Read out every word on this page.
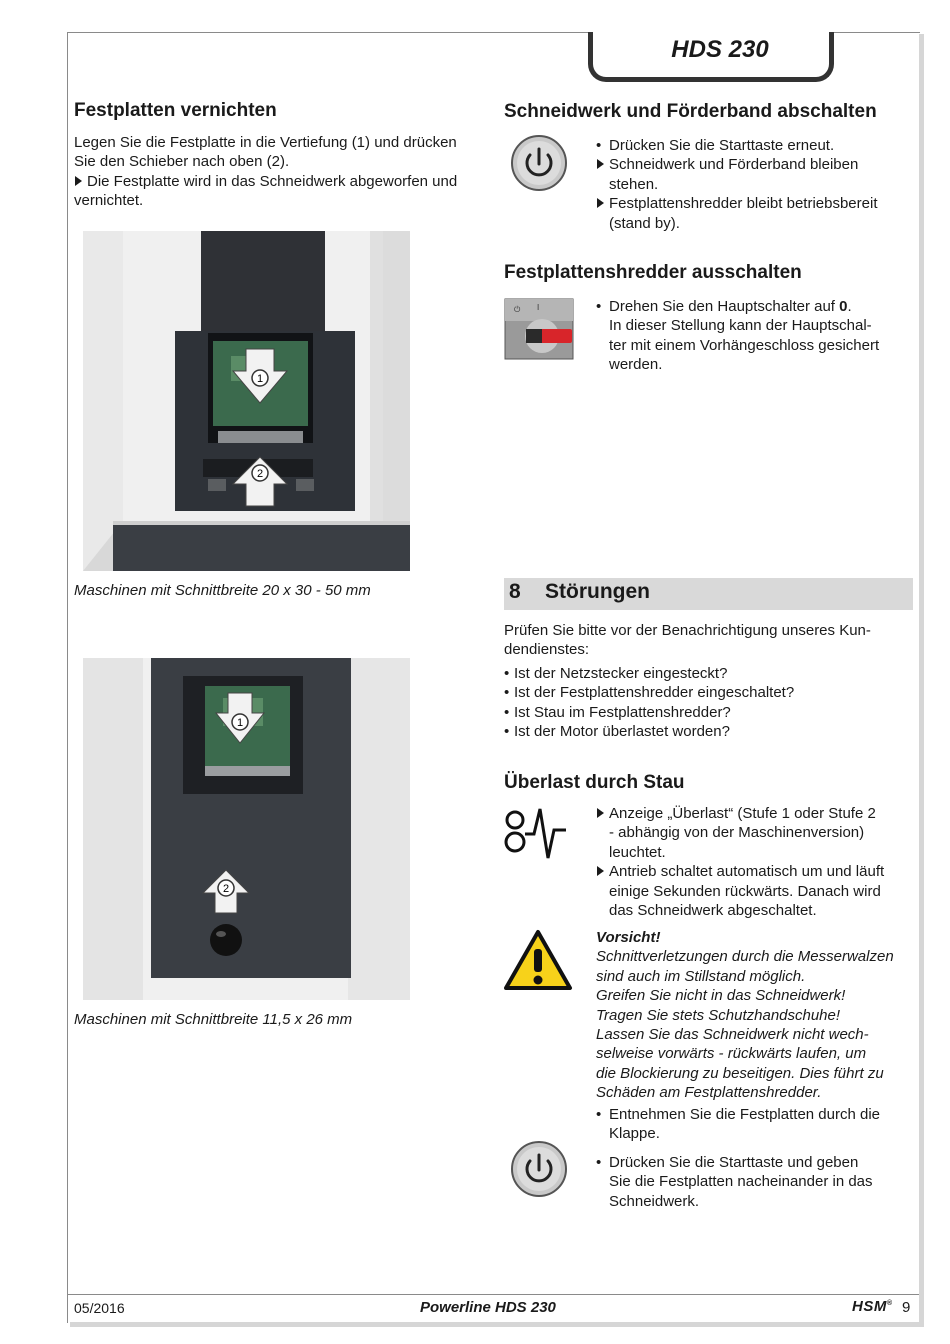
HDS 230
Festplatten vernichten

Legen Sie die Festplatte in die Vertiefung (1) und drücken

Sie den Schieber nach oben (2).

Die Festplatte wird in das Schneidwerk abgeworfen und

vernichtet.

1
2
Maschinen mit Schnittbreite 20 x 30 - 50 mm
1
2
Maschinen mit Schnittbreite 11,5 x 26 mm
Schneidwerk und Förderband abschalten

• Drücken Sie die Starttaste erneut.

Schneidwerk und Förderband bleiben

stehen.

Festplattenshredder bleibt betriebsbereit

(stand by).

Festplattenshredder ausschalten
⏻ I

•	Drehen Sie den Hauptschalter auf 0.

In dieser Stellung kann der Hauptschal-

ter mit einem Vorhängeschloss gesichert

werden.

8 Störungen

Prüfen Sie bitte vor der Benachrichtigung unseres Kun-

dendienstes:

• Ist der Netzstecker eingesteckt?

• Ist der Festplattenshredder eingeschaltet?

• Ist Stau im Festplattenshredder?

• Ist der Motor überlastet worden?

Überlast durch Stau

Anzeige „Überlast“ (Stufe 1 oder Stufe 2

- abhängig von der Maschinenversion)

leuchtet.

Antrieb schaltet automatisch um und läuft

einige Sekunden rückwärts. Danach wird

das Schneidwerk abgeschaltet.

Vorsicht!

Schnittverletzungen durch die Messerwalzen

sind auch im Stillstand möglich.

Greifen Sie nicht in das Schneidwerk!

Tragen Sie stets Schutzhandschuhe!

Lassen Sie das Schneidwerk nicht wech-

selweise vorwärts - rückwärts laufen, um

die Blockierung zu beseitigen. Dies führt zu

Schäden am Festplattenshredder.

• Entnehmen Sie die Festplatten durch die

Klappe.

• Drücken Sie die Starttaste und geben

Sie die Festplatten nacheinander in das

Schneidwerk.

05/2016	Powerline HDS 230	HSM® 9
